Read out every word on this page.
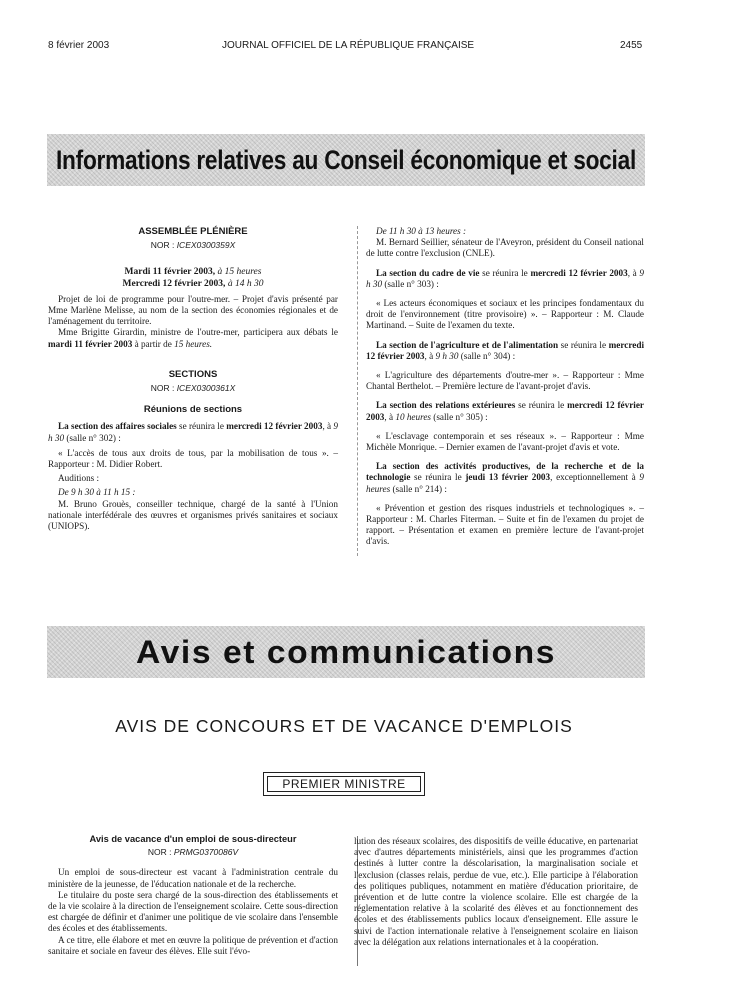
8 février 2003	JOURNAL OFFICIEL DE LA RÉPUBLIQUE FRANÇAISE	2455
Informations relatives au Conseil économique et social
ASSEMBLÉE PLÉNIÈRE
NOR : ICEX0300359X
Mardi 11 février 2003, à 15 heures
Mercredi 12 février 2003, à 14 h 30

Projet de loi de programme pour l'outre-mer. – Projet d'avis présenté par Mme Marlène Melisse, au nom de la section des économies régionales et de l'aménagement du territoire.

Mme Brigitte Girardin, ministre de l'outre-mer, participera aux débats le mardi 11 février 2003 à partir de 15 heures.

SECTIONS
NOR : ICEX0300361X
Réunions de sections

La section des affaires sociales se réunira le mercredi 12 février 2003, à 9 h 30 (salle n° 302) :

« L'accès de tous aux droits de tous, par la mobilisation de tous ». – Rapporteur : M. Didier Robert.

Auditions :

De 9 h 30 à 11 h 15 :

M. Bruno Grouès, conseiller technique, chargé de la santé à l'Union nationale interfédérale des œuvres et organismes privés sanitaires et sociaux (UNIOPS).

De 11 h 30 à 13 heures :

M. Bernard Seillier, sénateur de l'Aveyron, président du Conseil national de lutte contre l'exclusion (CNLE).

La section du cadre de vie se réunira le mercredi 12 février 2003, à 9 h 30 (salle n° 303) :

« Les acteurs économiques et sociaux et les principes fondamentaux du droit de l'environnement (titre provisoire) ». – Rapporteur : M. Claude Martinand. – Suite de l'examen du texte.

La section de l'agriculture et de l'alimentation se réunira le mercredi 12 février 2003, à 9 h 30 (salle n° 304) :

« L'agriculture des départements d'outre-mer ». – Rapporteur : Mme Chantal Berthelot. – Première lecture de l'avant-projet d'avis.

La section des relations extérieures se réunira le mercredi 12 février 2003, à 10 heures (salle n° 305) :

« L'esclavage contemporain et ses réseaux ». – Rapporteur : Mme Michèle Monrique. – Dernier examen de l'avant-projet d'avis et vote.

La section des activités productives, de la recherche et de la technologie se réunira le jeudi 13 février 2003, exceptionnellement à 9 heures (salle n° 214) :

« Prévention et gestion des risques industriels et technologiques ». – Rapporteur : M. Charles Fiterman. – Suite et fin de l'examen du projet de rapport. – Présentation et examen en première lecture de l'avant-projet d'avis.

Avis et communications
AVIS DE CONCOURS ET DE VACANCE D'EMPLOIS
PREMIER MINISTRE
Avis de vacance d'un emploi de sous-directeur
NOR : PRMG0370086V

Un emploi de sous-directeur est vacant à l'administration centrale du ministère de la jeunesse, de l'éducation nationale et de la recherche.

Le titulaire du poste sera chargé de la sous-direction des établissements et de la vie scolaire à la direction de l'enseignement scolaire. Cette sous-direction est chargée de définir et d'animer une politique de vie scolaire dans l'ensemble des écoles et des établissements.

A ce titre, elle élabore et met en œuvre la politique de prévention et d'action sanitaire et sociale en faveur des élèves. Elle suit l'évo-

lution des réseaux scolaires, des dispositifs de veille éducative, en partenariat avec d'autres départements ministériels, ainsi que les programmes d'action destinés à lutter contre la déscolarisation, la marginalisation sociale et l'exclusion (classes relais, perdue de vue, etc.). Elle participe à l'élaboration des politiques publiques, notamment en matière d'éducation prioritaire, de prévention et de lutte contre la violence scolaire. Elle est chargée de la réglementation relative à la scolarité des élèves et au fonctionnement des écoles et des établissements publics locaux d'enseignement. Elle assure le suivi de l'action internationale relative à l'enseignement scolaire en liaison avec la délégation aux relations internationales et à la coopération.
